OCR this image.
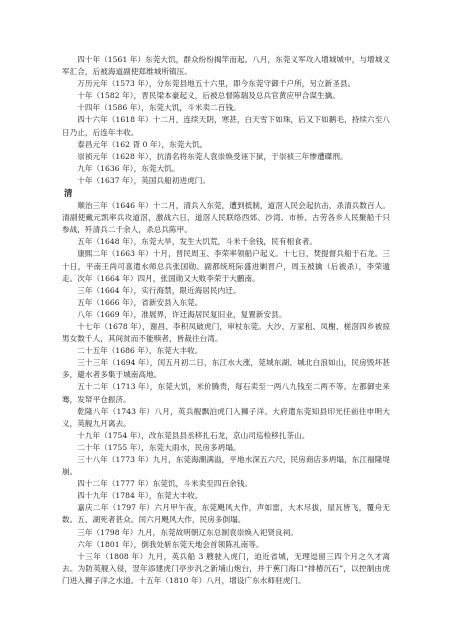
四十年（1561 年）东莞大饥，群众纷纷揭竿而起。八月，东莞义军攻入增城城中，与增城义军汇合，后被海道副使郑维城所镇压。

万历元年（1573 年），分东莞县地五十六里，即今东莞守御千户所，另立新圣县。

十年（1582 年），晋民梁本豪起义，后被总督陈瑞及总兵官黄应甲合谋生擒。

十四年（1586 年），东莞大饥，斗米卖二百钱。

四十六年（1618 年）十二月，连续天阴，寒甚，白天雪下如珠，后又下如鹅毛，持续六至八日乃止，后连年丰收。

泰昌元年（162 胥 0 年），东莞大饥。

崇祯元年（1628 年），抗清名将东莞人袁崇焕受诬下狱，于崇祯三年惨遭磔刑。

九年（1636 年），东莞大饥。

十年（1637 年），英国兵船初进虎门。

清

顺治三年（1646 年）十二月，清兵入东莞，遭到抵制，道滘人民会起抗击，杀清兵数百人。清副使戴元凯率兵攻道滘，激战六日，道滘人民联络西郊、沙湾、市桥、古劳各乡人民聚船千只参战，歼清兵二千余人，杀总兵陈甲。

五年（1648 年），东莞大旱，发生大饥荒，斗米千余钱，民有相食者。

康熙二年（1663 年）十月，晋民周玉、李荣率领船户起义。十七日，焚提督兵船于石龙。三十日，平南王尚可喜遣水师总兵张国勋、副都统班际盛进剿晋户，周玉被擒（后被杀），李荣遁走。次年（1664 年）四月，张国勋又大败李荣于大鹏南。

三年（1664 年），实行海禁，限近海居民内迁。

五年（1666 年），省新安县入东莞。

八年（1669 年），准展界，许迁海居民复旧业，复置新安县。

十七年（1678 年），谢昌、李积凤破虎门，审杖东莞。大沙、万家租、凤榭、槎滘四乡被掠男女数千人，其间贫而不能赎者，皆裁往台湾。

二十五年（1686 年），东莞大丰收。

三十三年（1694 年），闰五月初二日，东江水大涨，莞城东湖、城北白浪如山，民房毁坏甚多，避水者多集于城南高地。

五十二年（1713 年），东莞大饥，米价腾贵，每石卖至一两八九钱至二两不等。左都御史来骞，发帑平仓振济。

乾隆八年（1743 年）八月，英兵舰飘泊虎门入狮子洋。大府遣东莞知县印光任前往申明大义，英舰九月离去。

十九年（1754 年），改东莞县县丞移扎石龙，京山司巡检移扎茶山。

二十年（1755 年），东莞大雨水，民房多坍塌。

三十八年（1773 年）九月，东莞海潮满溢，平地水深五六尺，民房商店多坍塌，东江福隆堤崩。

四十二年（1777 年）东莞饥，斗米卖至四百余钱。

四十九年（1784 年），东莞大丰收。

嘉庆二年（1797 年）六月甲午夜，东莞飓风大作，声如雷，大木尽拔，屋瓦皆飞，覆舟无数。五、湖死者甚众。闰六月飓风大作，民房多倒塌。

三年（1798 年）九月，东莞故明朝辽东总制袁崇焕入祀贤良祠。

六年（1801 年），倒我处斩东莞天地会首领陈礼南等。

十三年（1808 年）九月，英兵船 3 艘驶入虎门，迫近省城，无理逗留三四个月之久才离去。为防英舰入侵，翌年添建虎门亭步汎之新埔山炮台，并于蕉门海口“排椿沉石”，以控制由虎门进入狮子洋之水道。十五年（1810 年）八月，增设广东水师驻虎门。
